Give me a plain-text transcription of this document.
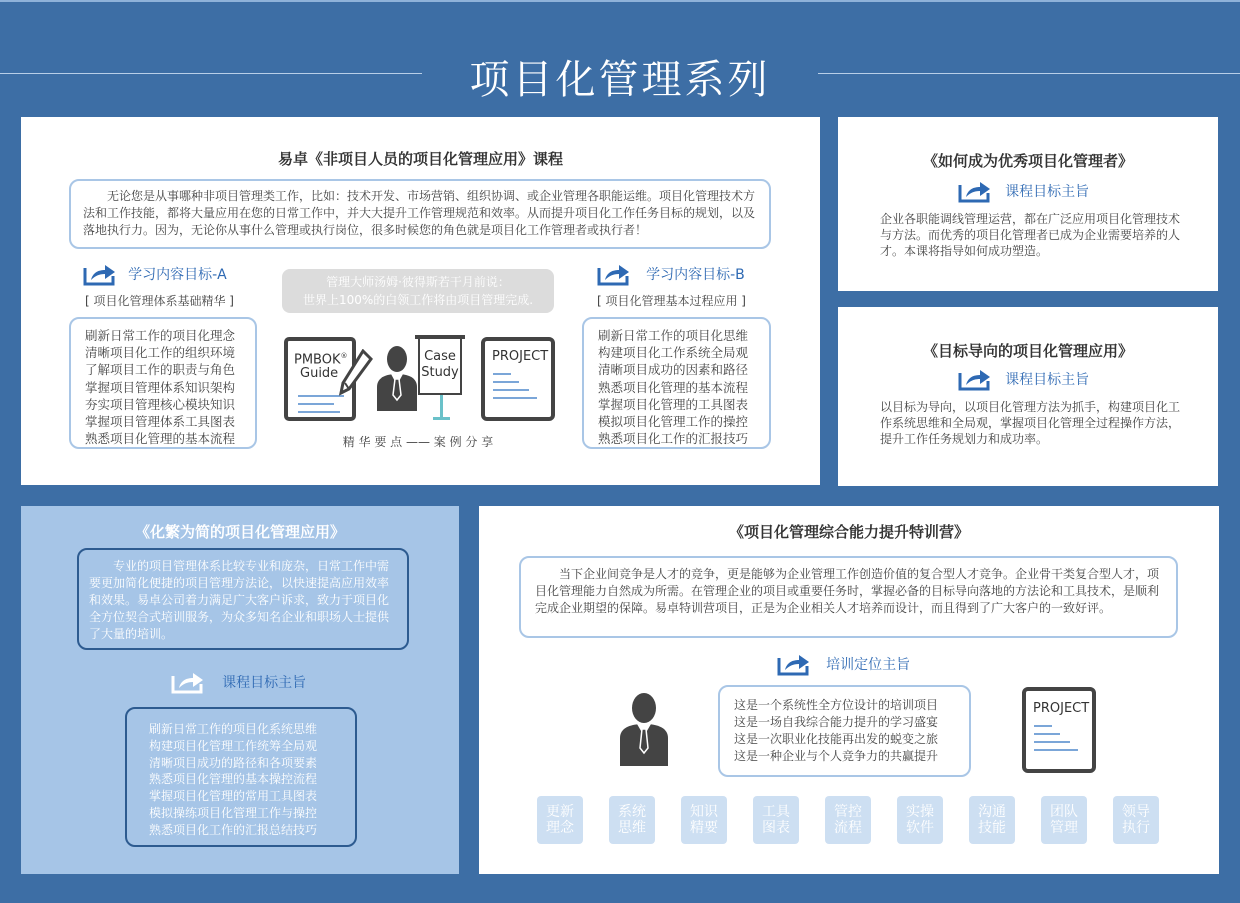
项目化管理系列
易卓《非项目人员的项目化管理应用》课程
无论您是从事哪种非项目管理类工作，比如：技术开发、市场营销、组织协调、或企业管理各职能运维。项目化管理技术方法和工作技能，都将大量应用在您的日常工作中，并大大提升工作管理规范和效率。从而提升项目化工作任务目标的规划，以及落地执行力。因为，无论你从事什么管理或执行岗位，很多时候您的角色就是项目化工作管理者或执行者！
学习内容目标-A
[ 项目化管理体系基础精华 ]
刷新日常工作的项目化理念
清晰项目化工作的组织环境
了解项目工作的职责与角色
掌握项目管理体系知识架构
夯实项目管理核心模块知识
掌握项目管理体系工具图表
熟悉项目化管理的基本流程
管理大师汤姆·彼得斯若干月前说：
世界上100%的白领工作将由项目管理完成.
PMBOK®
Guide
Case
Study
PROJECT
精 华 要 点 —— 案 例 分 享
学习内容目标-B
[ 项目化管理基本过程应用 ]
刷新日常工作的项目化思维
构建项目化工作系统全局观
清晰项目成功的因素和路径
熟悉项目化管理的基本流程
掌握项目化管理的工具图表
模拟项目化管理工作的操控
熟悉项目化工作的汇报技巧
《如何成为优秀项目化管理者》
课程目标主旨
企业各职能调线管理运营，都在广泛应用项目化管理技术与方法。而优秀的项目化管理者已成为企业需要培养的人才。本课将指导如何成功塑造。
《目标导向的项目化管理应用》
课程目标主旨
以目标为导向，以项目化管理方法为抓手，构建项目化工作系统思维和全局观，掌握项目化管理全过程操作方法，提升工作任务规划力和成功率。
《化繁为简的项目化管理应用》
专业的项目管理体系比较专业和庞杂，日常工作中需要更加简化便捷的项目管理方法论，以快速提高应用效率和效果。易卓公司着力满足广大客户诉求，致力于项目化全方位契合式培训服务，为众多知名企业和职场人士提供了大量的培训。
课程目标主旨
刷新日常工作的项目化系统思维
构建项目化管理工作统筹全局观
清晰项目成功的路径和各项要素
熟悉项目化管理的基本操控流程
掌握项目化管理的常用工具图表
模拟操练项目化管理工作与操控
熟悉项目化工作的汇报总结技巧
《项目化管理综合能力提升特训营》
当下企业间竞争是人才的竞争，更是能够为企业管理工作创造价值的复合型人才竞争。企业骨干类复合型人才，项目化管理能力自然成为所需。在管理企业的项目或重要任务时，掌握必备的目标导向落地的方法论和工具技术，是顺利完成企业期望的保障。易卓特训营项目，正是为企业相关人才培养而设计，而且得到了广大客户的一致好评。
培训定位主旨
这是一个系统性全方位设计的培训项目
这是一场自我综合能力提升的学习盛宴
这是一次职业化技能再出发的蜕变之旅
这是一种企业与个人竞争力的共赢提升
PROJECT
更新
理念
系统
思维
知识
精要
工具
图表
管控
流程
实操
软件
沟通
技能
团队
管理
领导
执行
